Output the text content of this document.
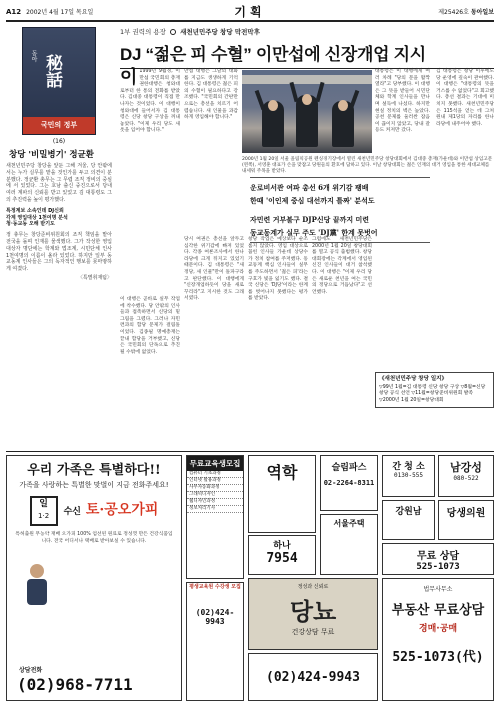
A12 2002년 4월 17일 목요일	기획	제25426호 동아일보
동아 秘話
국민의 정부
(16)
창당 '비밀병기' 정균환

새천년민주당 창당을 앞둔 그해 겨울, 당 안팎에서는 누가 실무를 맡을 것인가를 두고 의견이 분분했다. 정균환 총무는 그 무렵 조직 정비의 중심에 서 있었다. 그는 호남 출신 중진으로서 당내 여러 계파의 신뢰를 받고 있었고 김 대통령도 그의 추진력을 높이 평가했다.

특정계보 소속인데 DJ신뢰
각계 영입대상 1천여명 분석
청·동교동 오해 받기도

정 총무는 창당준비위원회의 조직 책임을 맡아 전국을 돌며 인재를 물색했다. 그가 작성한 영입 대상자 명단에는 학계와 법조계, 시민단체 인사 1천여명의 이름이 올라 있었다. 하지만 일부 동교동계 인사들은 그의 독자적인 행보를 못마땅하게 여겼다.

〈특별취재팀〉

1부 권력의 용장 새천년민주당 창당 막전막후
DJ “젊은 피 수혈” 이만섭에 신장개업 지시
이 1999년 9월경, 이만섭 국민회의 총재권한대행은 청와대로부터 한 통의 전화를 받았다. 김대중 대통령이 직접 만나자는 것이었다. 이 대행이 청와대에 들어서자 김 대통령은 신당 창당 구상을 꺼내놓았다. "이제 우리 당도 새 옷을 입어야 합니다."
만섭 대행은 그날의 대화를 지금도 생생하게 기억한다. 김 대통령은 젊은 피의 수혈이 필요하다고 강조했다. "국민회의 간판만으로는 총선을 치르기 어렵습니다. 새 인물을 과감하게 영입해야 합니다."
대통령은 이 대행에게 여러 차례 "당의 문을 활짝 열라"고 당부했다. 이 대행은 그 뜻을 받들어 시민단체와 학계 인사들을 만나며 설득에 나섰다. 하지만 현실 정치의 벽은 높았다. 공천 문제를 둘러싼 잡음이 끊이지 않았고, 당내 갈등도 커져만 갔다.
김 대통령은 창당 이후에도 당 운영에 깊숙이 관여했다. 이 대행은 "대통령의 뜻을 거스를 수 없었다"고 회고했다. 총선 결과는 기대에 미치지 못했다. 새천년민주당은 115석을 얻는 데 그쳐 원내 제1당의 자리를 한나라당에 내주어야 했다.
2000년 1월 20일 서울 올림픽공원 펜싱경기장에서 열린 새천년민주당 창당대회에서 김대중 총재(가운데)와 이만섭 상임고문(왼쪽), 서영훈 대표가 손을 맞잡고 당원들의 환호에 답하고 있다. 이날 창당대회는 젊은 인재의 대거 영입을 통한 세대교체를 내세워 주목을 받았다.
운로비서관 여파 총선 6개 위기감 팽배
한때 '이인제 중심 대선까지 틀짜' 분석도
자민련 거부불구 DJP신당 끝까지 미련
동교동계가 실무 주도 'DJ黨' 한계 못벗어
이 대행은 곧바로 실무 작업에 착수했다. 당 안팎의 인사들과 접촉하면서 신당의 밑그림을 그렸다. 그러나 자민련과의 합당 문제가 걸림돌이었다. 김종필 명예총재는 끝내 합당을 거부했고, 신당은 국민회의 단독으로 추진될 수밖에 없었다.
당시 여권은 총선을 앞두고 심각한 위기감에 빠져 있었다. 각종 여론조사에서 한나라당에 크게 뒤지고 있었기 때문이다. 김 대통령은 "새 정당, 새 인물"만이 돌파구라고 판단했다. 이 대행에게 "신장개업하듯이 당을 새로 꾸리라"고 지시한 것도 그래서였다.
창당 작업은 예상보다 순조롭지 않았다. 영입 대상으로 꼽힌 인사들 가운데 상당수가 정치 참여를 주저했다. 동교동계 핵심 인사들이 실무를 주도하면서 '젊은 피'라는 구호가 빛을 잃기도 했다. 결국 신당은 'DJ당'이라는 한계를 벗어나지 못했다는 평가를 받았다.
그럼에도 새천년민주당은 2000년 1월 20일 창당대회를 열고 공식 출범했다. 창당대회장에는 각계에서 영입된 신진 인사들이 대거 참석했다. 이 대행은 "이제 우리 당은 새로운 천년을 여는 국민의 정당으로 거듭났다"고 선언했다.
《새천년민주당 창당 일지》
▽99년 1월=김 대통령 신당 창당 구상 ▽8월=신당 창당 공식 선언 ▽11월=창당준비위원회 발족 ▽2000년 1월 20일=창당대회
우리 가족은 특별하다!!
가족을 사랑하는 특별한 맞벌이 지금 전화주세요!
일
1·2	수신 토·공오가피
특허출원 무농약 재배 오가피 100% 엄선된 원료로 정성껏 만든 건강식품입니다. 전국 어디서나 택배로 받아보실 수 있습니다.
상담전화
(02)968-7711
무료교육생모집
컴퓨터 기초과정
인터넷 활용과정
사무자동화과정
그래픽디자인
웹디자인과정
정보처리기사
평생교육원 수강생 모집
(02)424-9943
역학
하나
7954
정성과 신뢰로
당뇨
건강상담 무료
슬림파스
02-2264-8311
서울주택
간 청 소
0130-555
남강성
080-522
강원남	당생의원
무료 상담
525-1073
(02)424-9943
법무사무소
부동산 무료상담
경매·공매
525-1073(代)
